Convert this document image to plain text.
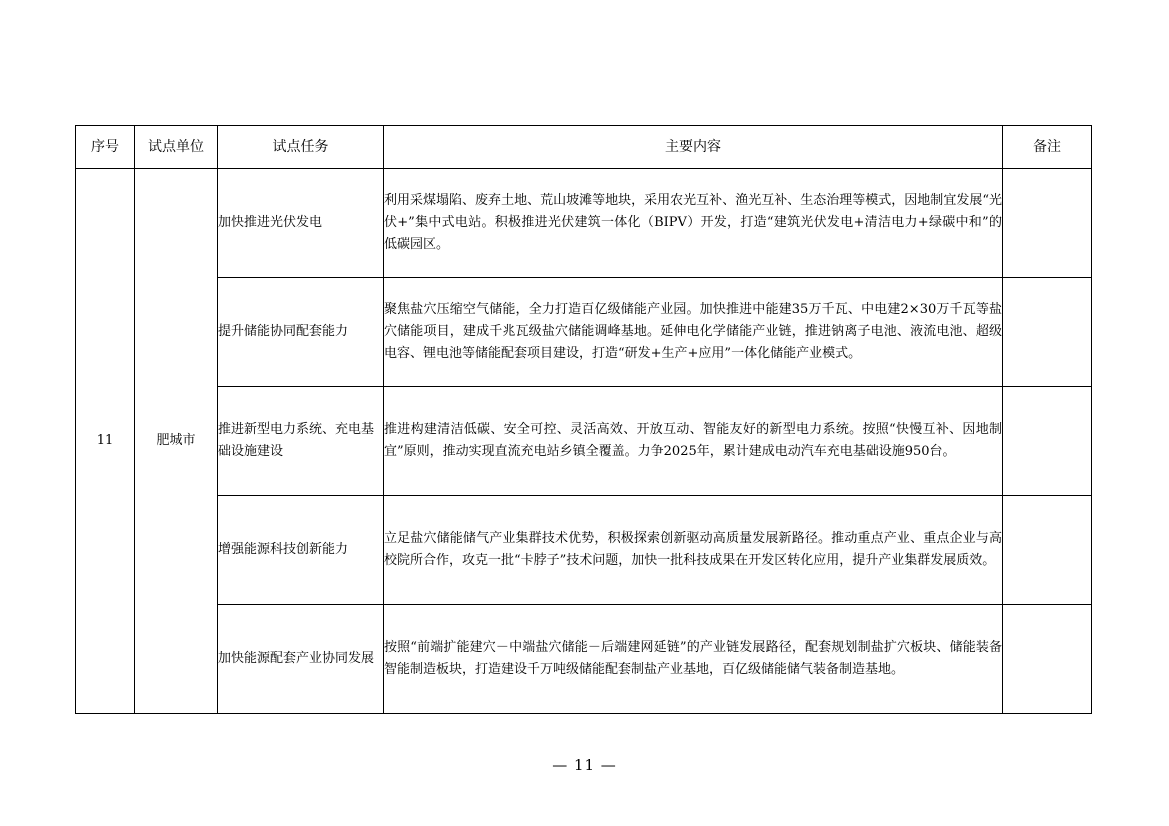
序号	试点单位	试点任务	主要内容	备注
11	肥城市	加快推进光伏发电	利用采煤塌陷、废弃土地、荒山坡滩等地块，采用农光互补、渔光互补、生态治理等模式，因地制宜发展“光伏+”集中式电站。积极推进光伏建筑一体化（BIPV）开发，打造“建筑光伏发电+清洁电力+绿碳中和”的低碳园区。	
		提升储能协同配套能力	聚焦盐穴压缩空气储能，全力打造百亿级储能产业园。加快推进中能建35万千瓦、中电建2×30万千瓦等盐穴储能项目，建成千兆瓦级盐穴储能调峰基地。延伸电化学储能产业链，推进钠离子电池、液流电池、超级电容、锂电池等储能配套项目建设，打造“研发+生产+应用”一体化储能产业模式。	
		推进新型电力系统、充电基础设施建设	推进构建清洁低碳、安全可控、灵活高效、开放互动、智能友好的新型电力系统。按照“快慢互补、因地制宜”原则，推动实现直流充电站乡镇全覆盖。力争2025年，累计建成电动汽车充电基础设施950台。	
		增强能源科技创新能力	立足盐穴储能储气产业集群技术优势，积极探索创新驱动高质量发展新路径。推动重点产业、重点企业与高校院所合作，攻克一批“卡脖子”技术问题，加快一批科技成果在开发区转化应用，提升产业集群发展质效。	
		加快能源配套产业协同发展	按照“前端扩能建穴－中端盐穴储能－后端建网延链”的产业链发展路径，配套规划制盐扩穴板块、储能装备智能制造板块，打造建设千万吨级储能配套制盐产业基地，百亿级储能储气装备制造基地。	
— 11 —
